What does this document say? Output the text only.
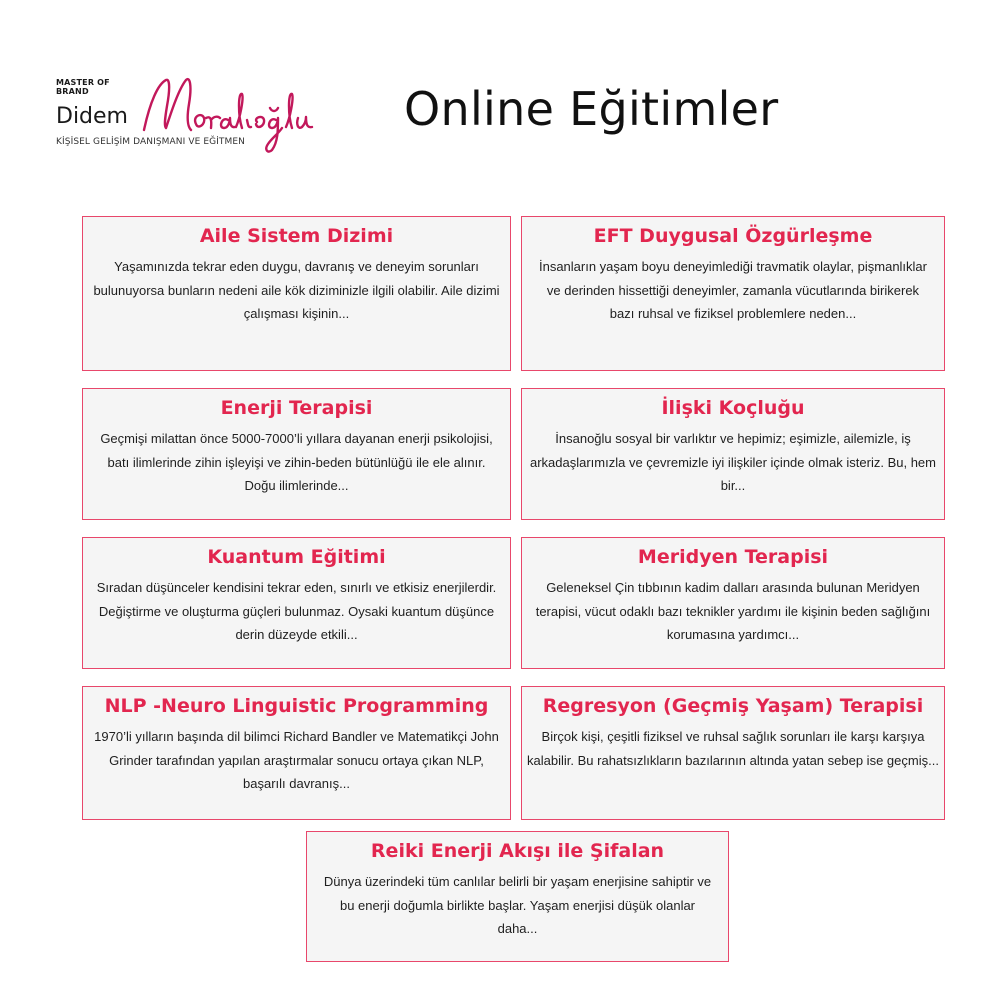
MASTER OF
BRAND
Didem
KİŞİSEL GELİŞİM DANIŞMANI VE EĞİTMEN
Online Eğitimler
Aile Sistem Dizimi
Yaşamınızda tekrar eden duygu, davranış ve deneyim sorunları bulunuyorsa bunların nedeni aile kök diziminizle ilgili olabilir. Aile dizimi çalışması kişinin...
EFT Duygusal Özgürleşme
İnsanların yaşam boyu deneyimlediği travmatik olaylar, pişmanlıklar ve derinden hissettiği deneyimler, zamanla vücutlarında birikerek bazı ruhsal ve fiziksel problemlere neden...
Enerji Terapisi
Geçmişi milattan önce 5000-7000’li yıllara dayanan enerji psikolojisi, batı ilimlerinde zihin işleyişi ve zihin-beden bütünlüğü ile ele alınır. Doğu ilimlerinde...
İlişki Koçluğu
İnsanoğlu sosyal bir varlıktır ve hepimiz; eşimizle, ailemizle, iş arkadaşlarımızla ve çevremizle iyi ilişkiler içinde olmak isteriz. Bu, hem bir...
Kuantum Eğitimi
Sıradan düşünceler kendisini tekrar eden, sınırlı ve etkisiz enerjilerdir. Değiştirme ve oluşturma güçleri bulunmaz. Oysaki kuantum düşünce derin düzeyde etkili...
Meridyen Terapisi
Geleneksel Çin tıbbının kadim dalları arasında bulunan Meridyen terapisi, vücut odaklı bazı teknikler yardımı ile kişinin beden sağlığını korumasına yardımcı...
NLP -Neuro Linguistic Programming
1970’li yılların başında dil bilimci Richard Bandler ve Matematikçi John Grinder tarafından yapılan araştırmalar sonucu ortaya çıkan NLP, başarılı davranış...
Regresyon (Geçmiş Yaşam) Terapisi
Birçok kişi, çeşitli fiziksel ve ruhsal sağlık sorunları ile karşı karşıya kalabilir. Bu rahatsızlıkların bazılarının altında yatan sebep ise geçmiş...
Reiki Enerji Akışı ile Şifalan
Dünya üzerindeki tüm canlılar belirli bir yaşam enerjisine sahiptir ve bu enerji doğumla birlikte başlar. Yaşam enerjisi düşük olanlar daha...
